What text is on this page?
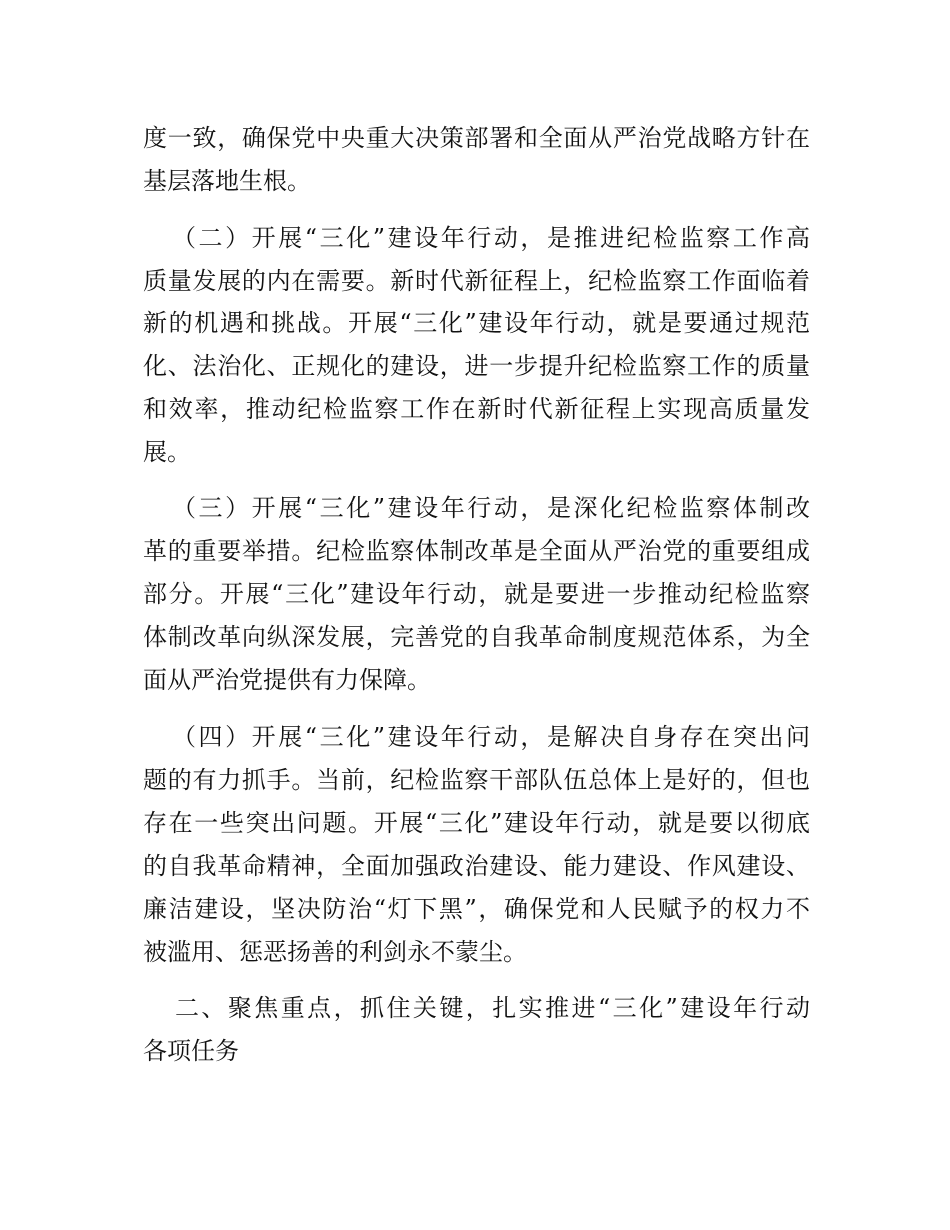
度一致，确保党中央重大决策部署和全面从严治党战略方针在
基层落地生根。
（二）开展“三化”建设年行动，是推进纪检监察工作高
质量发展的内在需要。新时代新征程上，纪检监察工作面临着
新的机遇和挑战。开展“三化”建设年行动，就是要通过规范
化、法治化、正规化的建设，进一步提升纪检监察工作的质量
和效率，推动纪检监察工作在新时代新征程上实现高质量发
展。
（三）开展“三化”建设年行动，是深化纪检监察体制改
革的重要举措。纪检监察体制改革是全面从严治党的重要组成
部分。开展“三化”建设年行动，就是要进一步推动纪检监察
体制改革向纵深发展，完善党的自我革命制度规范体系，为全
面从严治党提供有力保障。
（四）开展“三化”建设年行动，是解决自身存在突出问
题的有力抓手。当前，纪检监察干部队伍总体上是好的，但也
存在一些突出问题。开展“三化”建设年行动，就是要以彻底
的自我革命精神，全面加强政治建设、能力建设、作风建设、
廉洁建设，坚决防治“灯下黑”，确保党和人民赋予的权力不
被滥用、惩恶扬善的利剑永不蒙尘。
二、聚焦重点，抓住关键，扎实推进“三化”建设年行动
各项任务
